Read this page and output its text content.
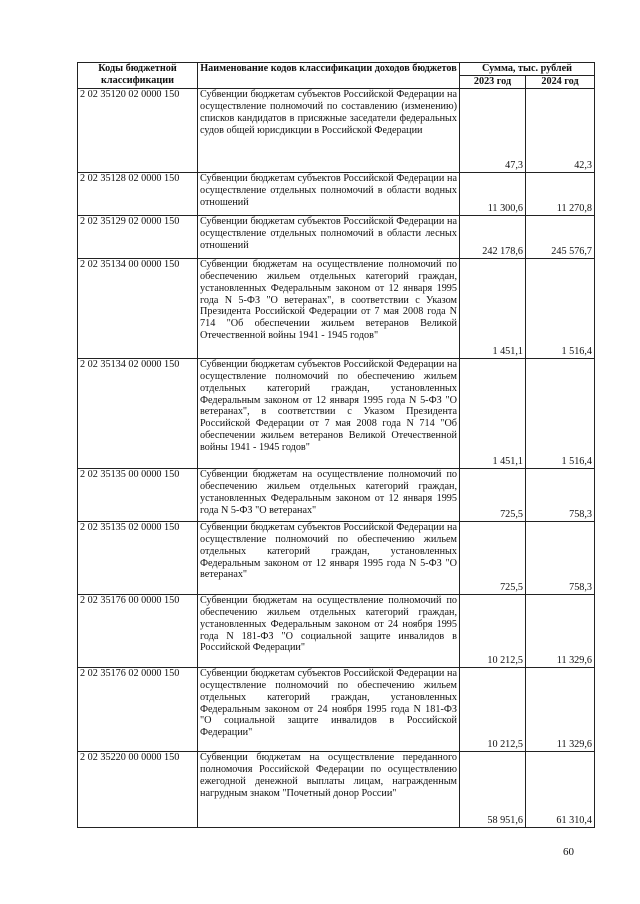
Коды бюджетной классификации	Наименование кодов классификации доходов бюджетов	Сумма, тыс. рублей	
		2023 год	2024 год
2 02 35120 02 0000 150	Субвенции бюджетам субъектов Российской Федерации на осуществление полномочий по составлению (изменению) списков кандидатов в присяжные заседатели федеральных судов общей юрисдикции в Российской Федерации	47,3	42,3
2 02 35128 02 0000 150	Субвенции бюджетам субъектов Российской Федерации на осуществление отдельных полномочий в области водных отношений	11 300,6	11 270,8
2 02 35129 02 0000 150	Субвенции бюджетам субъектов Российской Федерации на осуществление отдельных полномочий в области лесных отношений	242 178,6	245 576,7
2 02 35134 00 0000 150	Субвенции бюджетам на осуществление полномочий по обеспечению жильем отдельных категорий граждан, установленных Федеральным законом от 12 января 1995 года N 5-ФЗ "О ветеранах", в соответствии с Указом Президента Российской Федерации от 7 мая 2008 года N 714 "Об обеспечении жильем ветеранов Великой Отечественной войны 1941 - 1945 годов"	1 451,1	1 516,4
2 02 35134 02 0000 150	Субвенции бюджетам субъектов Российской Федерации на осуществление полномочий по обеспечению жильем отдельных категорий граждан, установленных Федеральным законом от 12 января 1995 года N 5-ФЗ "О ветеранах", в соответствии с Указом Президента Российской Федерации от 7 мая 2008 года N 714 "Об обеспечении жильем ветеранов Великой Отечественной войны 1941 - 1945 годов"	1 451,1	1 516,4
2 02 35135 00 0000 150	Субвенции бюджетам на осуществление полномочий по обеспечению жильем отдельных категорий граждан, установленных Федеральным законом от 12 января 1995 года N 5-ФЗ "О ветеранах"	725,5	758,3
2 02 35135 02 0000 150	Субвенции бюджетам субъектов Российской Федерации на осуществление полномочий по обеспечению жильем отдельных категорий граждан, установленных Федеральным законом от 12 января 1995 года N 5-ФЗ "О ветеранах"	725,5	758,3
2 02 35176 00 0000 150	Субвенции бюджетам на осуществление полномочий по обеспечению жильем отдельных категорий граждан, установленных Федеральным законом от 24 ноября 1995 года N 181-ФЗ "О социальной защите инвалидов в Российской Федерации"	10 212,5	11 329,6
2 02 35176 02 0000 150	Субвенции бюджетам субъектов Российской Федерации на осуществление полномочий по обеспечению жильем отдельных категорий граждан, установленных Федеральным законом от 24 ноября 1995 года N 181-ФЗ "О социальной защите инвалидов в Российской Федерации"	10 212,5	11 329,6
2 02 35220 00 0000 150	Субвенции бюджетам на осуществление переданного полномочия Российской Федерации по осуществлению ежегодной денежной выплаты лицам, награжденным нагрудным знаком "Почетный донор России"	58 951,6	61 310,4
60
